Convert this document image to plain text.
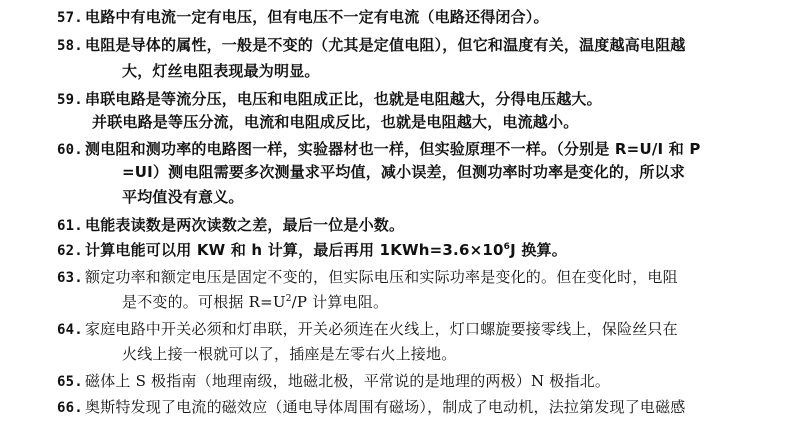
57. 电路中有电流一定有电压，但有电压不一定有电流（电路还得闭合）。
58. 电阻是导体的属性，一般是不变的（尤其是定值电阻），但它和温度有关，温度越高电阻越
大，灯丝电阻表现最为明显。
59. 串联电路是等流分压，电压和电阻成正比，也就是电阻越大，分得电压越大。
并联电路是等压分流，电流和电阻成反比，也就是电阻越大，电流越小。
60. 测电阻和测功率的电路图一样，实验器材也一样，但实验原理不一样。（分别是 R=U/I 和 P
=UI）测电阻需要多次测量求平均值，减小误差，但测功率时功率是变化的，所以求
平均值没有意义。
61. 电能表读数是两次读数之差，最后一位是小数。
62. 计算电能可以用 KW 和 h 计算，最后再用 $1KWh=3.6\times 10^6J$ 换算。
63. 额定功率和额定电压是固定不变的，但实际电压和实际功率是变化的。但在变化时，电阻
是不变的。可根据 $R=U^2/P$ 计算电阻。
64. 家庭电路中开关必须和灯串联，开关必须连在火线上，灯口螺旋要接零线上，保险丝只在
火线上接一根就可以了，插座是左零右火上接地。
65. 磁体上 S 极指南（地理南级，地磁北极，平常说的是地理的两极）N 极指北。
66. 奥斯特发现了电流的磁效应（通电导体周围有磁场），制成了电动机，法拉第发现了电磁感
